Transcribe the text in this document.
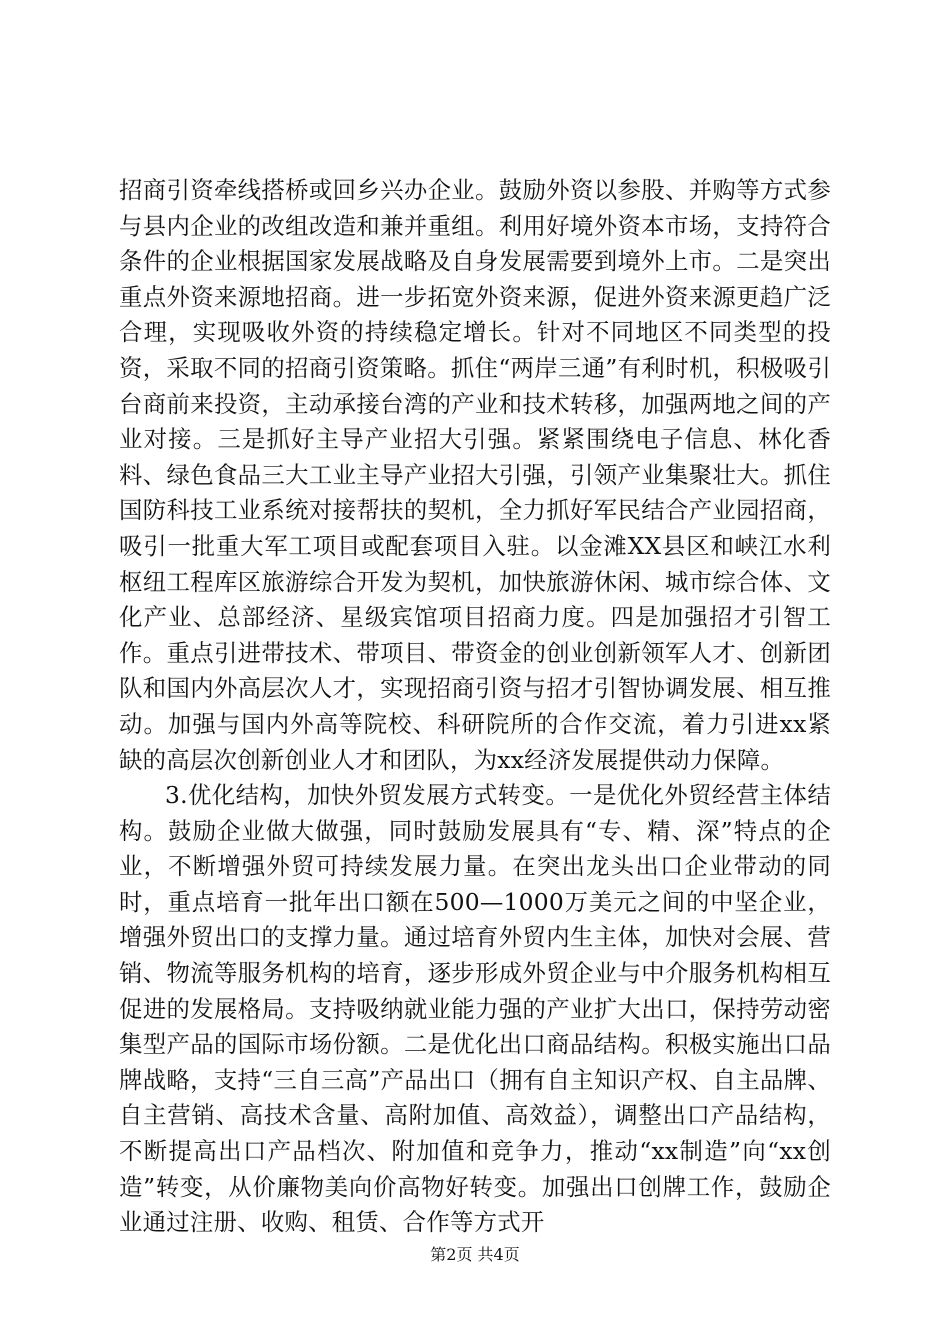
招商引资牵线搭桥或回乡兴办企业。鼓励外资以参股、并购等方式参与县内企业的改组改造和兼并重组。利用好境外资本市场，支持符合条件的企业根据国家发展战略及自身发展需要到境外上市。二是突出重点外资来源地招商。进一步拓宽外资来源，促进外资来源更趋广泛合理，实现吸收外资的持续稳定增长。针对不同地区不同类型的投资，采取不同的招商引资策略。抓住“两岸三通”有利时机，积极吸引台商前来投资，主动承接台湾的产业和技术转移，加强两地之间的产业对接。三是抓好主导产业招大引强。紧紧围绕电子信息、林化香料、绿色食品三大工业主导产业招大引强，引领产业集聚壮大。抓住国防科技工业系统对接帮扶的契机，全力抓好军民结合产业园招商，吸引一批重大军工项目或配套项目入驻。以金滩XX县区和峡江水利枢纽工程库区旅游综合开发为契机，加快旅游休闲、城市综合体、文化产业、总部经济、星级宾馆项目招商力度。四是加强招才引智工作。重点引进带技术、带项目、带资金的创业创新领军人才、创新团队和国内外高层次人才，实现招商引资与招才引智协调发展、相互推动。加强与国内外高等院校、科研院所的合作交流，着力引进xx紧缺的高层次创新创业人才和团队，为xx经济发展提供动力保障。

3.优化结构，加快外贸发展方式转变。一是优化外贸经营主体结构。鼓励企业做大做强，同时鼓励发展具有“专、精、深”特点的企业，不断增强外贸可持续发展力量。在突出龙头出口企业带动的同时，重点培育一批年出口额在500—1000万美元之间的中坚企业，增强外贸出口的支撑力量。通过培育外贸内生主体，加快对会展、营销、物流等服务机构的培育，逐步形成外贸企业与中介服务机构相互促进的发展格局。支持吸纳就业能力强的产业扩大出口，保持劳动密集型产品的国际市场份额。二是优化出口商品结构。积极实施出口品牌战略，支持“三自三高”产品出口（拥有自主知识产权、自主品牌、自主营销、高技术含量、高附加值、高效益），调整出口产品结构，不断提高出口产品档次、附加值和竞争力，推动“xx制造”向“xx创造”转变，从价廉物美向价高物好转变。加强出口创牌工作，鼓励企业通过注册、收购、租赁、合作等方式开

第2页 共4页
